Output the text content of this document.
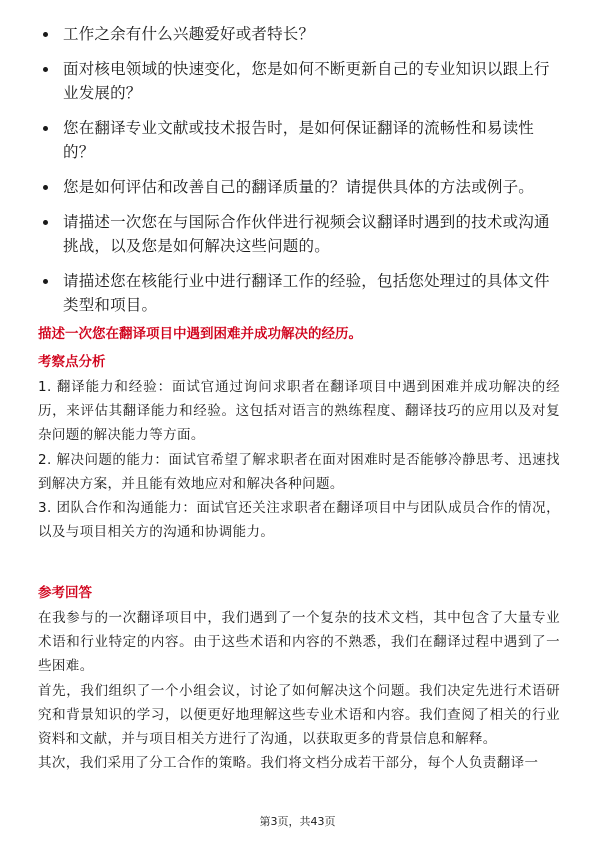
工作之余有什么兴趣爱好或者特长？
面对核电领域的快速变化，您是如何不断更新自己的专业知识以跟上行业发展的？
您在翻译专业文献或技术报告时，是如何保证翻译的流畅性和易读性的？
您是如何评估和改善自己的翻译质量的？请提供具体的方法或例子。
请描述一次您在与国际合作伙伴进行视频会议翻译时遇到的技术或沟通挑战，以及您是如何解决这些问题的。
请描述您在核能行业中进行翻译工作的经验，包括您处理过的具体文件类型和项目。
描述一次您在翻译项目中遇到困难并成功解决的经历。
考察点分析

1. 翻译能力和经验：面试官通过询问求职者在翻译项目中遇到困难并成功解决的经历，来评估其翻译能力和经验。这包括对语言的熟练程度、翻译技巧的应用以及对复杂问题的解决能力等方面。

2. 解决问题的能力：面试官希望了解求职者在面对困难时是否能够冷静思考、迅速找到解决方案，并且能有效地应对和解决各种问题。

3. 团队合作和沟通能力：面试官还关注求职者在翻译项目中与团队成员合作的情况，以及与项目相关方的沟通和协调能力。

参考回答

在我参与的一次翻译项目中，我们遇到了一个复杂的技术文档，其中包含了大量专业术语和行业特定的内容。由于这些术语和内容的不熟悉，我们在翻译过程中遇到了一些困难。

首先，我们组织了一个小组会议，讨论了如何解决这个问题。我们决定先进行术语研究和背景知识的学习，以便更好地理解这些专业术语和内容。我们查阅了相关的行业资料和文献，并与项目相关方进行了沟通，以获取更多的背景信息和解释。

其次，我们采用了分工合作的策略。我们将文档分成若干部分，每个人负责翻译一

第3页，共43页
